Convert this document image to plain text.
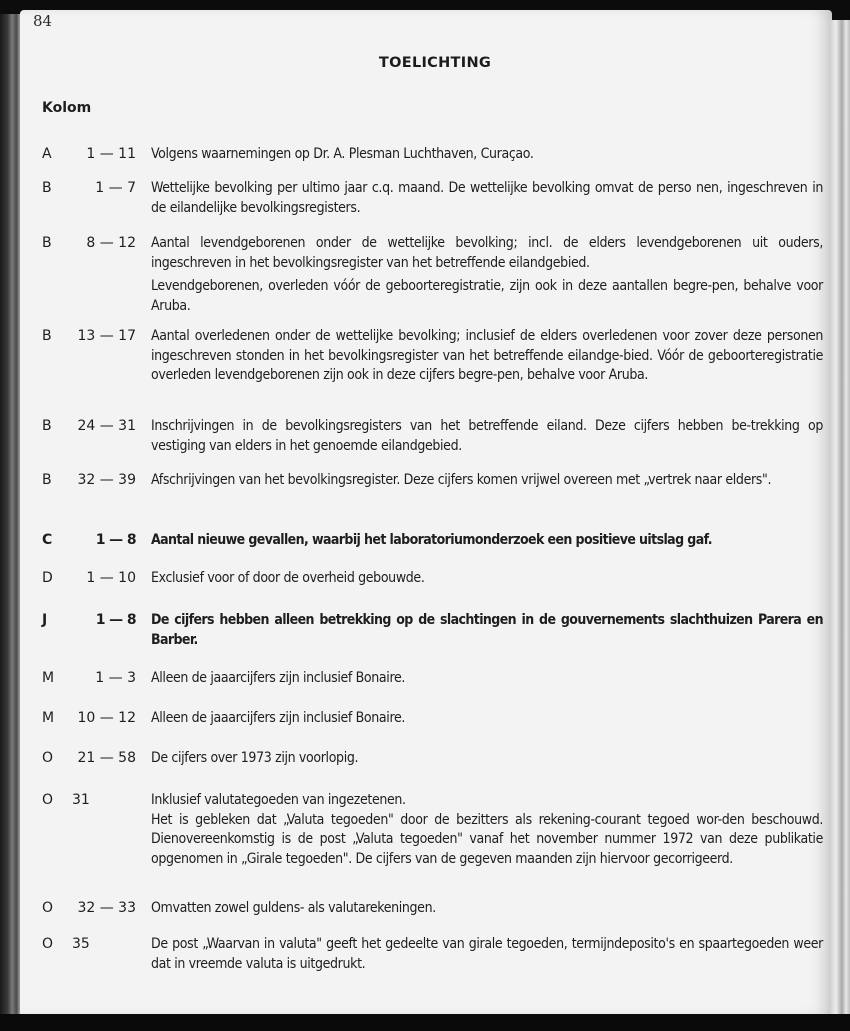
84
TOELICHTING
Kolom
A	1 — 11 Volgens waarnemingen op Dr. A. Plesman Luchthaven, Curaçao.

B	1 — 7 Wettelijke bevolking per ultimo jaar c.q. maand. De wettelijke bevolking omvat de perso nen, ingeschreven in de eilandelijke bevolkingsregisters.

B	8 — 12 Aantal levendgeborenen onder de wettelijke bevolking; incl. de elders levendgeborenen uit ouders, ingeschreven in het bevolkingsregister van het betreffende eilandgebied.

Levendgeborenen, overleden vóór de geboorteregistratie, zijn ook in deze aantallen begre-pen, behalve voor Aruba.

B	13 — 17 Aantal overledenen onder de wettelijke bevolking; inclusief de elders overledenen voor zover deze personen ingeschreven stonden in het bevolkingsregister van het betreffende eilandge-bied. Vóór de geboorteregistratie overleden levendgeborenen zijn ook in deze cijfers begre-pen, behalve voor Aruba.

B	24 — 31 Inschrijvingen in de bevolkingsregisters van het betreffende eiland. Deze cijfers hebben be-trekking op vestiging van elders in het genoemde eilandgebied.

B	32 — 39 Afschrijvingen van het bevolkingsregister. Deze cijfers komen vrijwel overeen met „vertrek naar elders".

C	1 — 8 Aantal nieuwe gevallen, waarbij het laboratoriumonderzoek een positieve uitslag gaf.

D	1 — 10 Exclusief voor of door de overheid gebouwde.

J	1 — 8 De cijfers hebben alleen betrekking op de slachtingen in de gouvernements slachthuizen Parera en Barber.

M	1 — 3 Alleen de jaaarcijfers zijn inclusief Bonaire.

M	10 — 12 Alleen de jaaarcijfers zijn inclusief Bonaire.

O	21 — 58 De cijfers over 1973 zijn voorlopig.

O 31	Inklusief valutategoeden van ingezetenen.

Het is gebleken dat „Valuta tegoeden" door de bezitters als rekening-courant tegoed wor-den beschouwd. Dienovereenkomstig is de post „Valuta tegoeden" vanaf het november nummer 1972 van deze publikatie opgenomen in „Girale tegoeden". De cijfers van de gegeven maanden zijn hiervoor gecorrigeerd.

O	32 — 33 Omvatten zowel guldens- als valutarekeningen.

O 35	De post „Waarvan in valuta" geeft het gedeelte van girale tegoeden, termijndeposito's en spaartegoeden weer dat in vreemde valuta is uitgedrukt.
